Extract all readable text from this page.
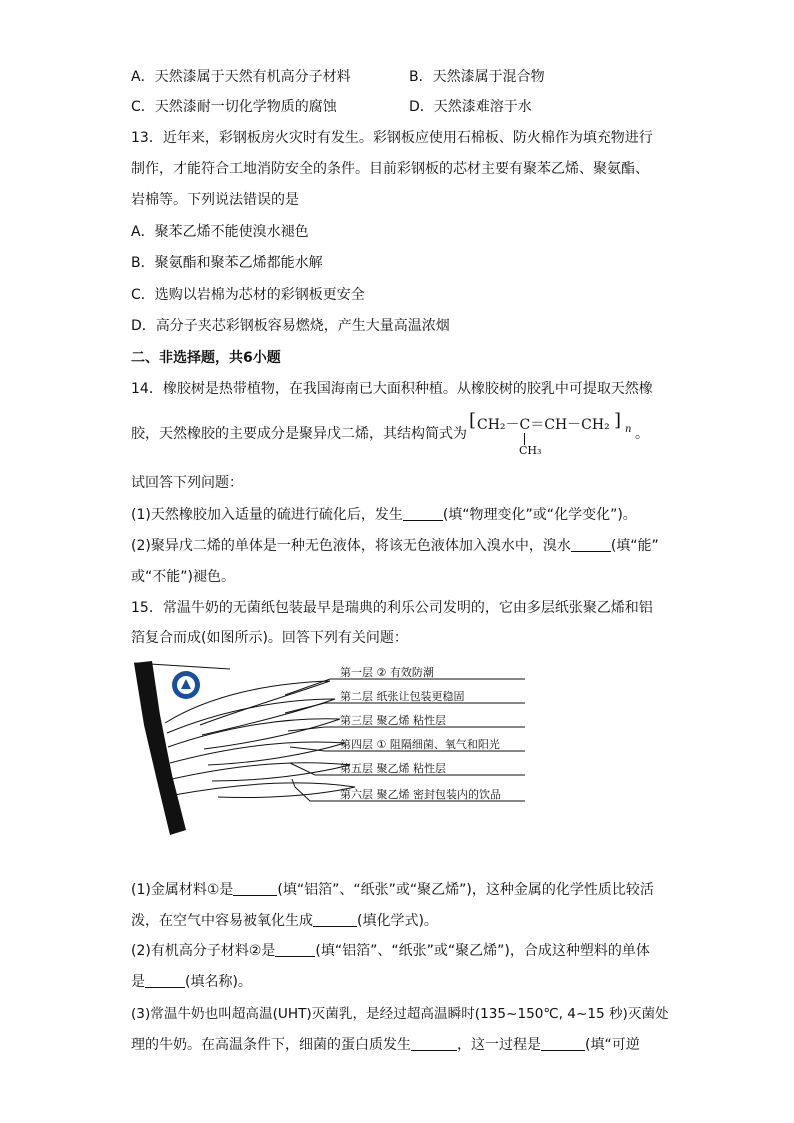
A．天然漆属于天然有机高分子材料	B．天然漆属于混合物
C．天然漆耐一切化学物质的腐蚀	D．天然漆难溶于水
13．近年来，彩钢板房火灾时有发生。彩钢板应使用石棉板、防火棉作为填充物进行
制作，才能符合工地消防安全的条件。目前彩钢板的芯材主要有聚苯乙烯、聚氨酯、
岩棉等。下列说法错误的是
A．聚苯乙烯不能使溴水褪色
B．聚氨酯和聚苯乙烯都能水解
C．选购以岩棉为芯材的彩钢板更安全
D．高分子夹芯彩钢板容易燃烧，产生大量高温浓烟
二、非选择题，共6小题
14．橡胶树是热带植物，在我国海南已大面积种植。从橡胶树的胶乳中可提取天然橡
胶，天然橡胶的主要成分是聚异戊二烯，其结构简式为
[ CH₂－C＝CH－CH₂ ] n
CH₃
。
试回答下列问题：
(1)天然橡胶加入适量的硫进行硫化后，发生	(填“物理变化”或“化学变化”)。
(2)聚异戊二烯的单体是一种无色液体，将该无色液体加入溴水中，溴水	(填“能”
或“不能”)褪色。
15．常温牛奶的无菌纸包装最早是瑞典的利乐公司发明的，它由多层纸张聚乙烯和铝
箔复合而成(如图所示)。回答下列有关问题：
第一层 ② 有效防潮
第二层 纸张让包装更稳固
第三层 聚乙烯 粘性层
第四层 ① 阻隔细菌、氧气和阳光
第五层 聚乙烯 粘性层
第六层 聚乙烯 密封包装内的饮品
(1)金属材料①是	(填“铝箔”、“纸张”或“聚乙烯”)，这种金属的化学性质比较活
泼，在空气中容易被氧化生成	(填化学式)。
(2)有机高分子材料②是	(填“铝箔”、“纸张”或“聚乙烯”)，合成这种塑料的单体
是	(填名称)。
(3)常温牛奶也叫超高温(UHT)灭菌乳，是经过超高温瞬时(135~150℃, 4~15 秒)灭菌处
理的牛奶。在高温条件下，细菌的蛋白质发生	，这一过程是	(填“可逆
